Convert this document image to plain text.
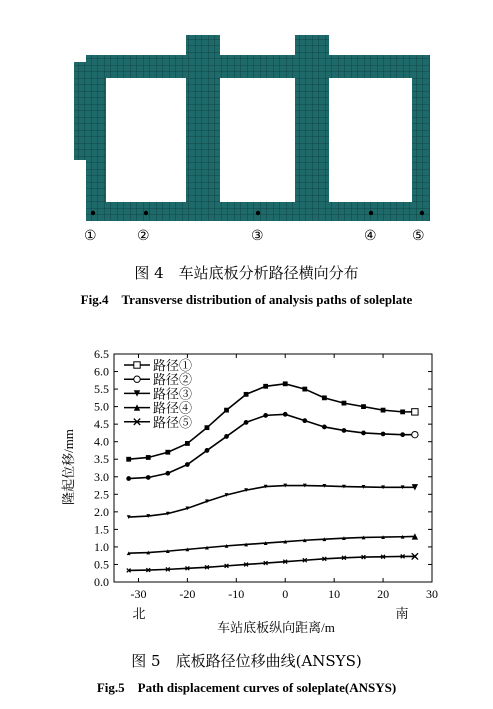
①	②	③	④	⑤
图 4　车站底板分析路径横向分布
Fig.4　Transverse distribution of analysis paths of soleplate
-30	-20	-10	0	10	20	30
0.0
0.5
1.0
1.5
2.0
2.5
3.0
3.5
4.0
4.5
5.0
5.5
6.0
6.5
路径①
路径②
路径③
路径④
路径⑤
隆起位移/mm
车站底板纵向距离/m
北	南
图 5　底板路径位移曲线(ANSYS)
Fig.5　Path displacement curves of soleplate(ANSYS)
